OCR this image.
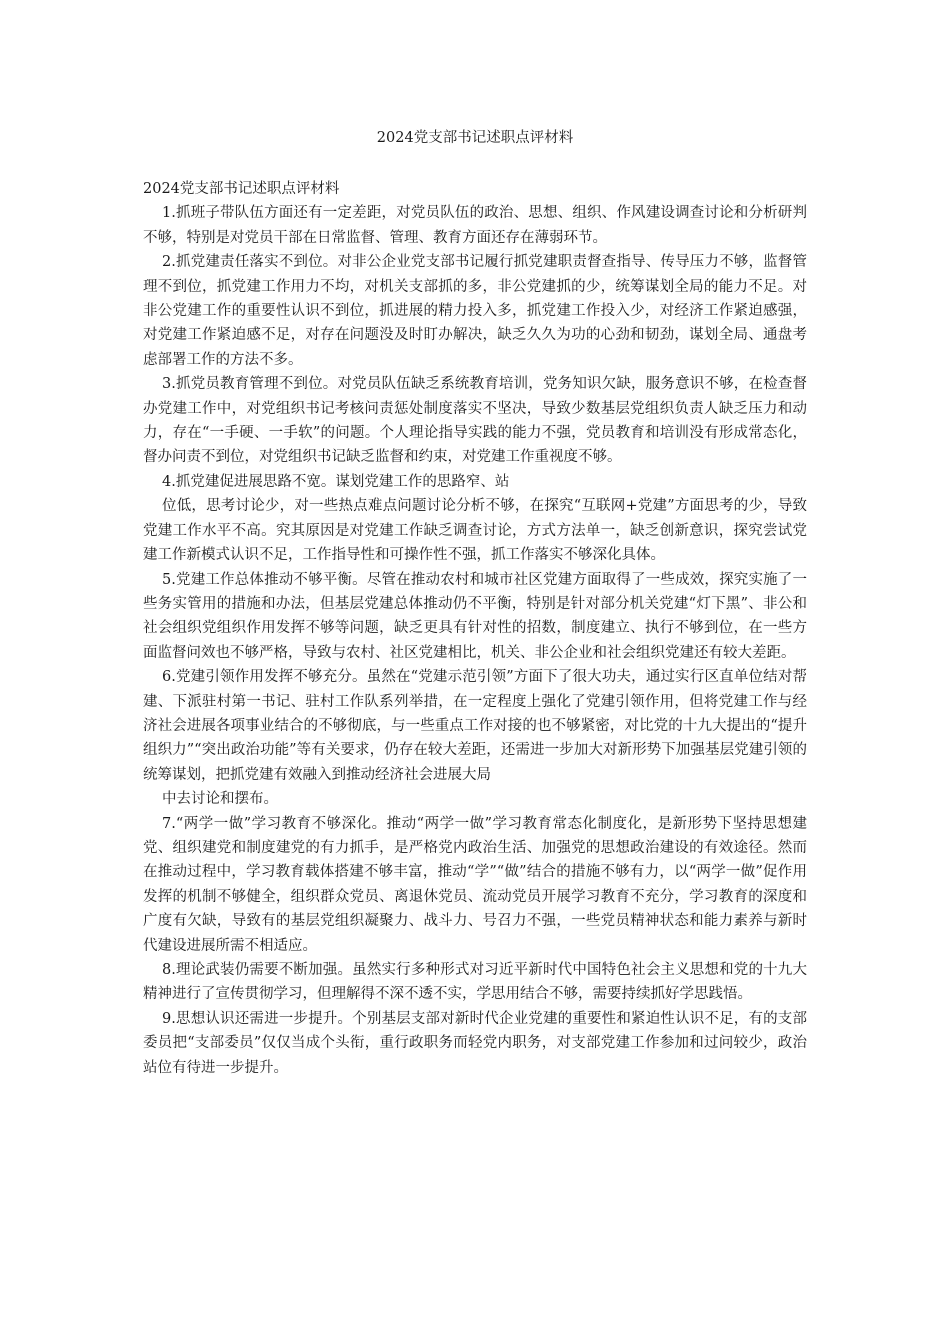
2024党支部书记述职点评材料

2024党支部书记述职点评材料

1.抓班子带队伍方面还有一定差距，对党员队伍的政治、思想、组织、作风建设调查讨论和分析研判不够，特别是对党员干部在日常监督、管理、教育方面还存在薄弱环节。

2.抓党建责任落实不到位。对非公企业党支部书记履行抓党建职责督查指导、传导压力不够，监督管理不到位，抓党建工作用力不均，对机关支部抓的多，非公党建抓的少，统筹谋划全局的能力不足。对非公党建工作的重要性认识不到位，抓进展的精力投入多，抓党建工作投入少，对经济工作紧迫感强，对党建工作紧迫感不足，对存在问题没及时盯办解决，缺乏久久为功的心劲和韧劲，谋划全局、通盘考虑部署工作的方法不多。

3.抓党员教育管理不到位。对党员队伍缺乏系统教育培训，党务知识欠缺，服务意识不够，在检查督办党建工作中，对党组织书记考核问责惩处制度落实不坚决，导致少数基层党组织负责人缺乏压力和动力，存在“一手硬、一手软”的问题。个人理论指导实践的能力不强，党员教育和培训没有形成常态化，督办问责不到位，对党组织书记缺乏监督和约束，对党建工作重视度不够。

4.抓党建促进展思路不宽。谋划党建工作的思路窄、站

位低，思考讨论少，对一些热点难点问题讨论分析不够，在探究“互联网+党建”方面思考的少，导致党建工作水平不高。究其原因是对党建工作缺乏调查讨论，方式方法单一，缺乏创新意识，探究尝试党建工作新模式认识不足，工作指导性和可操作性不强，抓工作落实不够深化具体。

5.党建工作总体推动不够平衡。尽管在推动农村和城市社区党建方面取得了一些成效，探究实施了一些务实管用的措施和办法，但基层党建总体推动仍不平衡，特别是针对部分机关党建“灯下黑”、非公和社会组织党组织作用发挥不够等问题，缺乏更具有针对性的招数，制度建立、执行不够到位，在一些方面监督问效也不够严格，导致与农村、社区党建相比，机关、非公企业和社会组织党建还有较大差距。

6.党建引领作用发挥不够充分。虽然在“党建示范引领”方面下了很大功夫，通过实行区直单位结对帮建、下派驻村第一书记、驻村工作队系列举措，在一定程度上强化了党建引领作用，但将党建工作与经济社会进展各项事业结合的不够彻底，与一些重点工作对接的也不够紧密，对比党的十九大提出的“提升组织力”“突出政治功能”等有关要求，仍存在较大差距，还需进一步加大对新形势下加强基层党建引领的统筹谋划，把抓党建有效融入到推动经济社会进展大局

中去讨论和摆布。

7.“两学一做”学习教育不够深化。推动“两学一做”学习教育常态化制度化，是新形势下坚持思想建党、组织建党和制度建党的有力抓手，是严格党内政治生活、加强党的思想政治建设的有效途径。然而在推动过程中，学习教育载体搭建不够丰富，推动“学”“做”结合的措施不够有力，以“两学一做”促作用发挥的机制不够健全，组织群众党员、离退休党员、流动党员开展学习教育不充分，学习教育的深度和广度有欠缺，导致有的基层党组织凝聚力、战斗力、号召力不强，一些党员精神状态和能力素养与新时代建设进展所需不相适应。

8.理论武装仍需要不断加强。虽然实行多种形式对习近平新时代中国特色社会主义思想和党的十九大精神进行了宣传贯彻学习，但理解得不深不透不实，学思用结合不够，需要持续抓好学思践悟。

9.思想认识还需进一步提升。个别基层支部对新时代企业党建的重要性和紧迫性认识不足，有的支部委员把“支部委员”仅仅当成个头衔，重行政职务而轻党内职务，对支部党建工作参加和过问较少，政治站位有待进一步提升。
